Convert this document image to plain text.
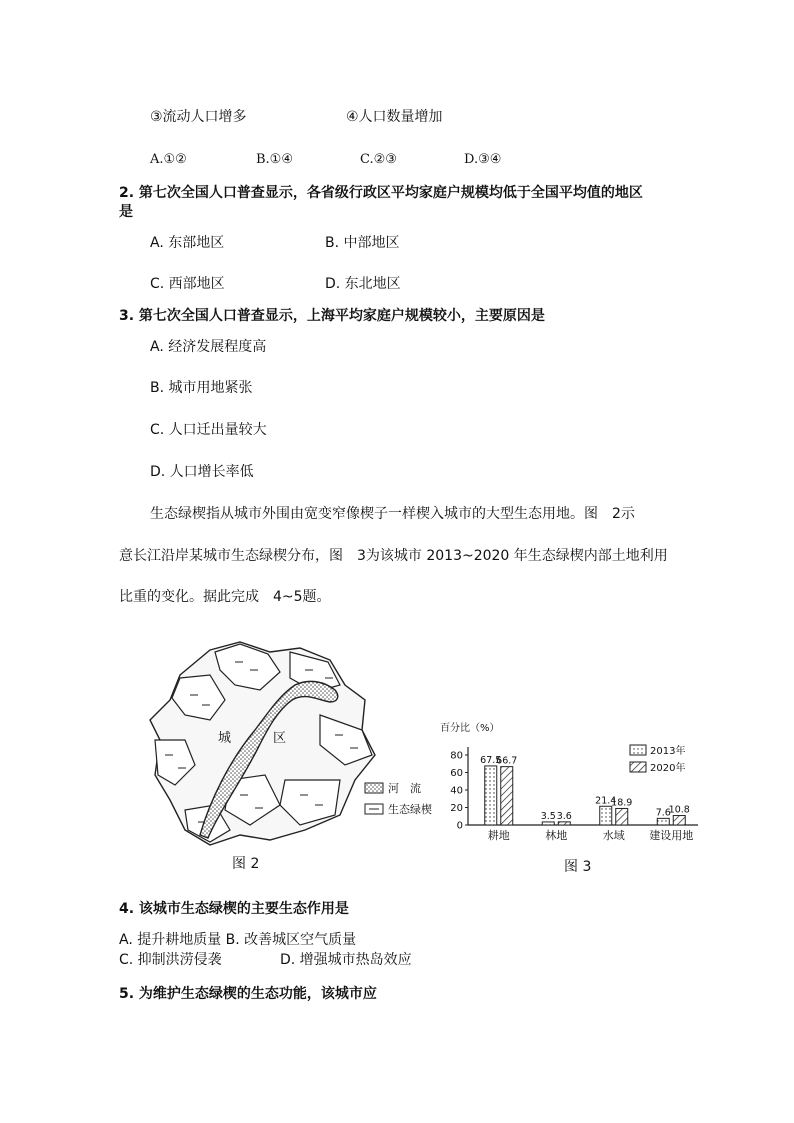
③流动人口增多	④人口数量增加
A.①②	B.①④	C.②③	D.③④
2. 第七次全国人口普查显示，各省级行政区平均家庭户规模均低于全国平均值的地区
是
A. 东部地区	B. 中部地区
C. 西部地区	D. 东北地区
3. 第七次全国人口普查显示，上海平均家庭户规模较小，主要原因是
A. 经济发展程度高
B. 城市用地紧张
C. 人口迁出量较大
D. 人口增长率低
生态绿楔指从城市外围由宽变窄像楔子一样楔入城市的大型生态用地。图　2示
意长江沿岸某城市生态绿楔分布，图　3为该城市 2013~2020 年生态绿楔内部土地利用
比重的变化。据此完成　4~5题。
城	区
河　流
生态绿楔
图 2
百分比（%）
0
20
40
60
80 67.5
66.7
耕地
3.5 3.6
林地
21.4
18.9
水域
7.6
10.8
建设用地
2013年
2020年
图 3
4. 该城市生态绿楔的主要生态作用是
A. 提升耕地质量 B. 改善城区空气质量
C. 抑制洪涝侵袭	D. 增强城市热岛效应
5. 为维护生态绿楔的生态功能，该城市应
